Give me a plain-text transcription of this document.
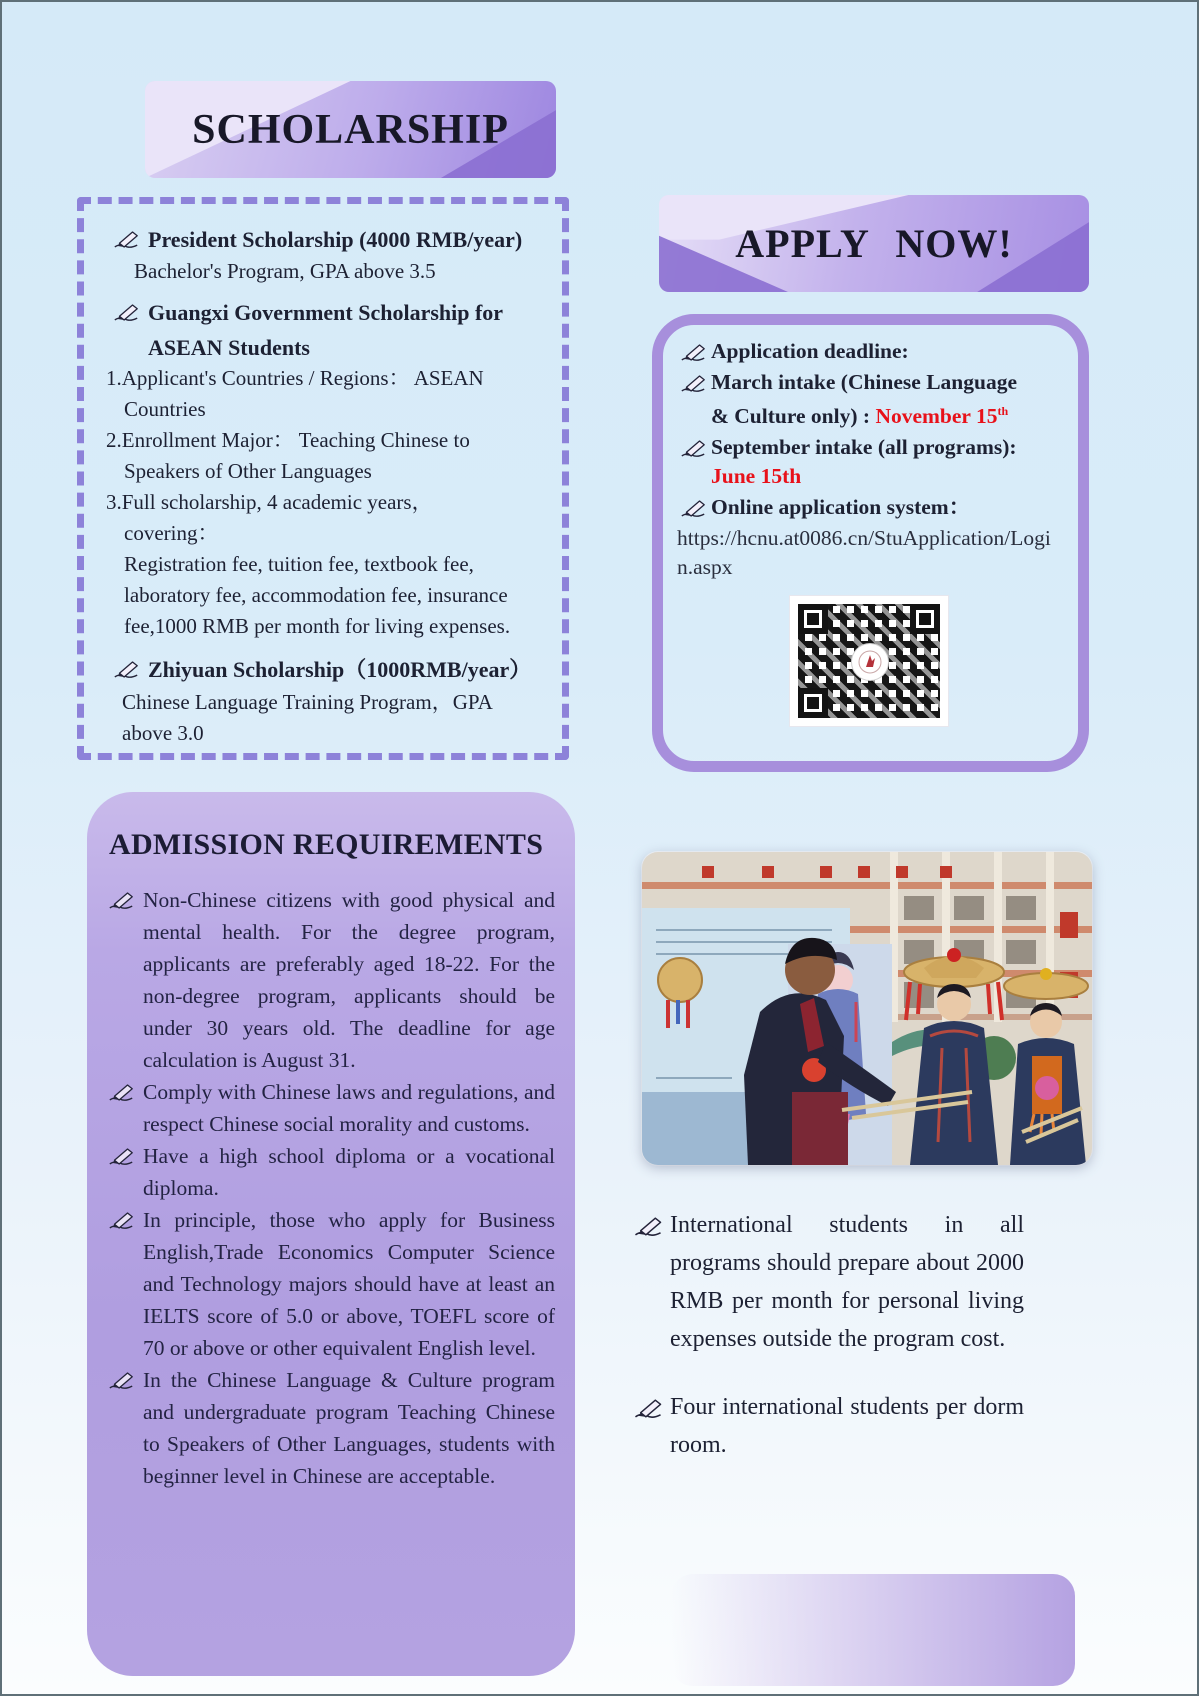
SCHOLARSHIP

President Scholarship (4000 RMB/year)

Bachelor's Program, GPA above 3.5

Guangxi Government Scholarship for

ASEAN Students

1.Applicant's Countries / Regions： ASEAN Countries

2.Enrollment Major： Teaching Chinese to Speakers of Other Languages

3.Full scholarship, 4 academic years，

covering：

Registration fee, tuition fee, textbook fee, laboratory fee, accommodation fee, insurance fee,1000 RMB per month for living expenses.

Zhiyuan Scholarship（1000RMB/year）

Chinese Language Training Program，GPA above 3.0

APPLY NOW!

Application deadline:

March intake (Chinese Language & Culture only) : November 15th

September intake (all programs): June 15th

Online application system：

https://hcnu.at0086.cn/StuApplication/Login.aspx

ADMISSION REQUIREMENTS

Non-Chinese citizens with good physical and mental health. For the degree program, applicants are preferably aged 18-22. For the non-degree program, applicants should be under 30 years old. The deadline for age calculation is August 31.

Comply with Chinese laws and regulations, and respect Chinese social morality and customs.

Have a high school diploma or a vocational diploma.

In principle, those who apply for Business English,Trade Economics Computer Science and Technology majors should have at least an IELTS score of 5.0 or above, TOEFL score of 70 or above or other equivalent English level.

In the Chinese Language & Culture program and undergraduate program Teaching Chinese to Speakers of Other Languages, students with beginner level in Chinese are acceptable.

International students in all programs should prepare about 2000 RMB per month for personal living expenses outside the program cost.

Four international students per dorm room.
